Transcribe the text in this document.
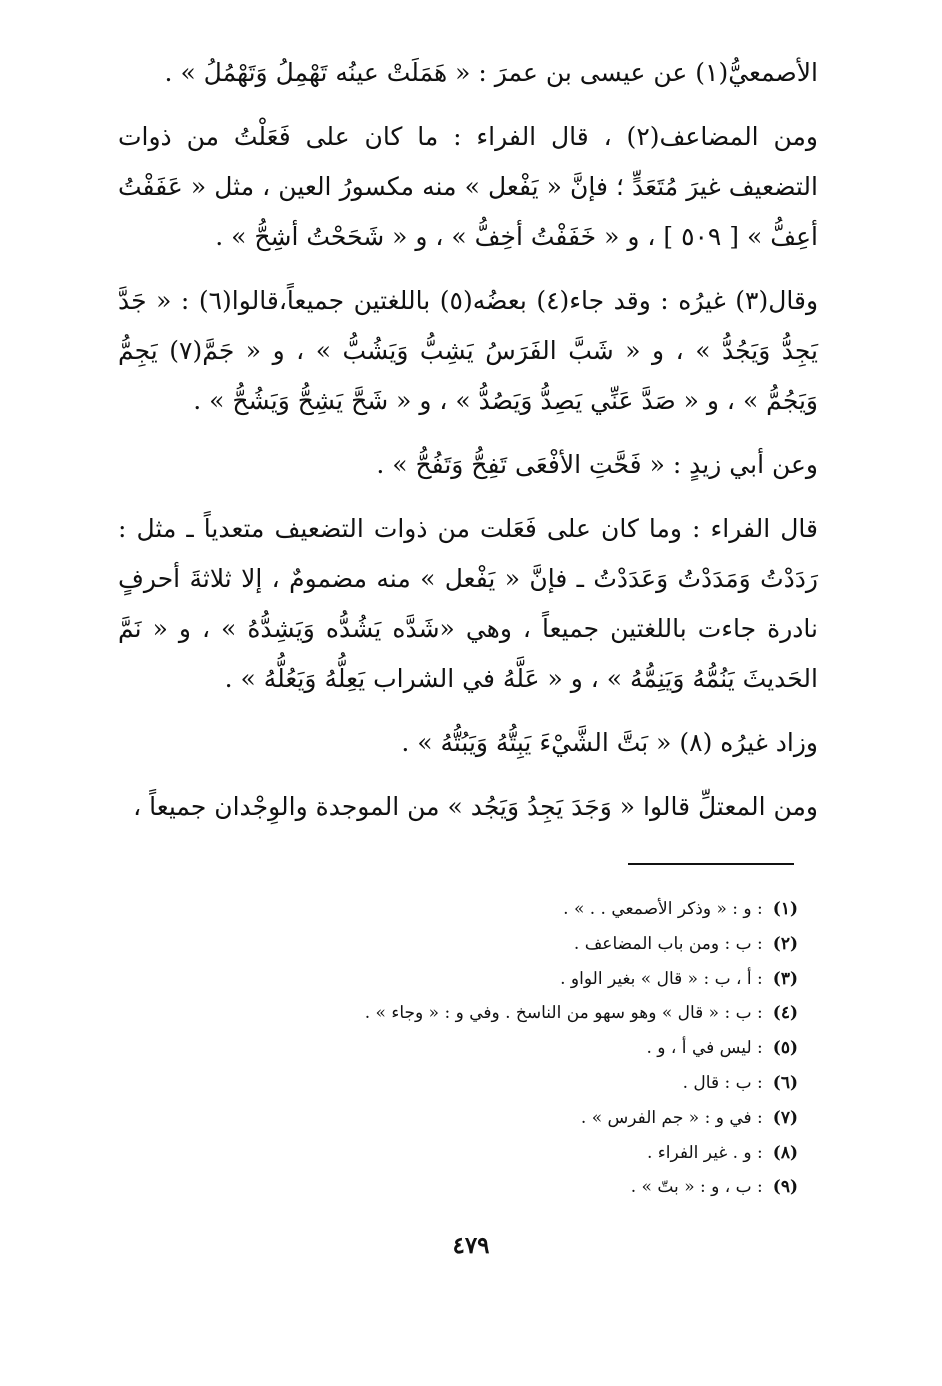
الأصمعيُّ(١) عن عيسى بن عمرَ : « هَمَلَتْ عينُه تَهْمِلُ وَتَهْمُلُ » .

ومن المضاعف(٢) ، قال الفراء : ما كان على فَعَلْتُ من ذوات التضعيف غيرَ مُتَعَدٍّ ؛ فإنَّ « يَفْعل » منه مكسورُ العين ، مثل « عَفَفْتُ أعِفُّ » [ ٥٠٩ ] ، و « خَفَفْتُ أخِفُّ » ، و « شَحَحْتُ أشِحُّ » .

وقال(٣) غيرُه : وقد جاء(٤) بعضُه(٥) باللغتين جميعاً،قالوا(٦) : « جَدَّ يَجِدُّ وَيَجُدُّ » ، و « شَبَّ الفَرَسُ يَشِبُّ وَيَشُبُّ » ، و « جَمَّ(٧) يَجِمُّ وَيَجُمُّ » ، و « صَدَّ عَنِّي يَصِدُّ وَيَصُدُّ » ، و « شَحَّ يَشِحُّ وَيَشُحُّ » .

وعن أبي زيدٍ : « فَحَّتِ الأفْعَى تَفِحُّ وَتَفُحُّ » .

قال الفراء : وما كان على فَعَلت من ذوات التضعيف متعدياً ـ مثل : رَدَدْتُ وَمَدَدْتُ وَعَدَدْتُ ـ فإنَّ « يَفْعل » منه مضمومٌ ، إلا ثلاثةَ أحرفٍ نادرة جاءت باللغتين جميعاً ، وهي «شَدَّه يَشُدُّه وَيَشِدُّهُ » ، و « نَمَّ الحَديثَ يَنُمُّهُ وَيَنِمُّهُ » ، و « عَلَّهُ في الشراب يَعِلُّهُ وَيَعُلُّهُ » .

وزاد غيرُه (٨) « بَتَّ الشَّيْءَ يَبِتُّهُ وَيَبُتُّهُ » .

ومن المعتلِّ قالوا « وَجَدَ يَجِدُ وَيَجُد » من الموجدة والوِجْدان جميعاً ،

(١): و : « وذكر الأصمعي . . » .
(٢): ب : ومن باب المضاعف .
(٣): أ ، ب : « قال » بغير الواو .
(٤): ب : « قال » وهو سهو من الناسخ . وفي و : « وجاء » .
(٥): ليس في أ ، و .
(٦): ب : قال .
(٧): في و : « جم الفرس » .
(٨): و . غير الفراء .
(٩): ب ، و : « بتّ » .
٤٧٩
